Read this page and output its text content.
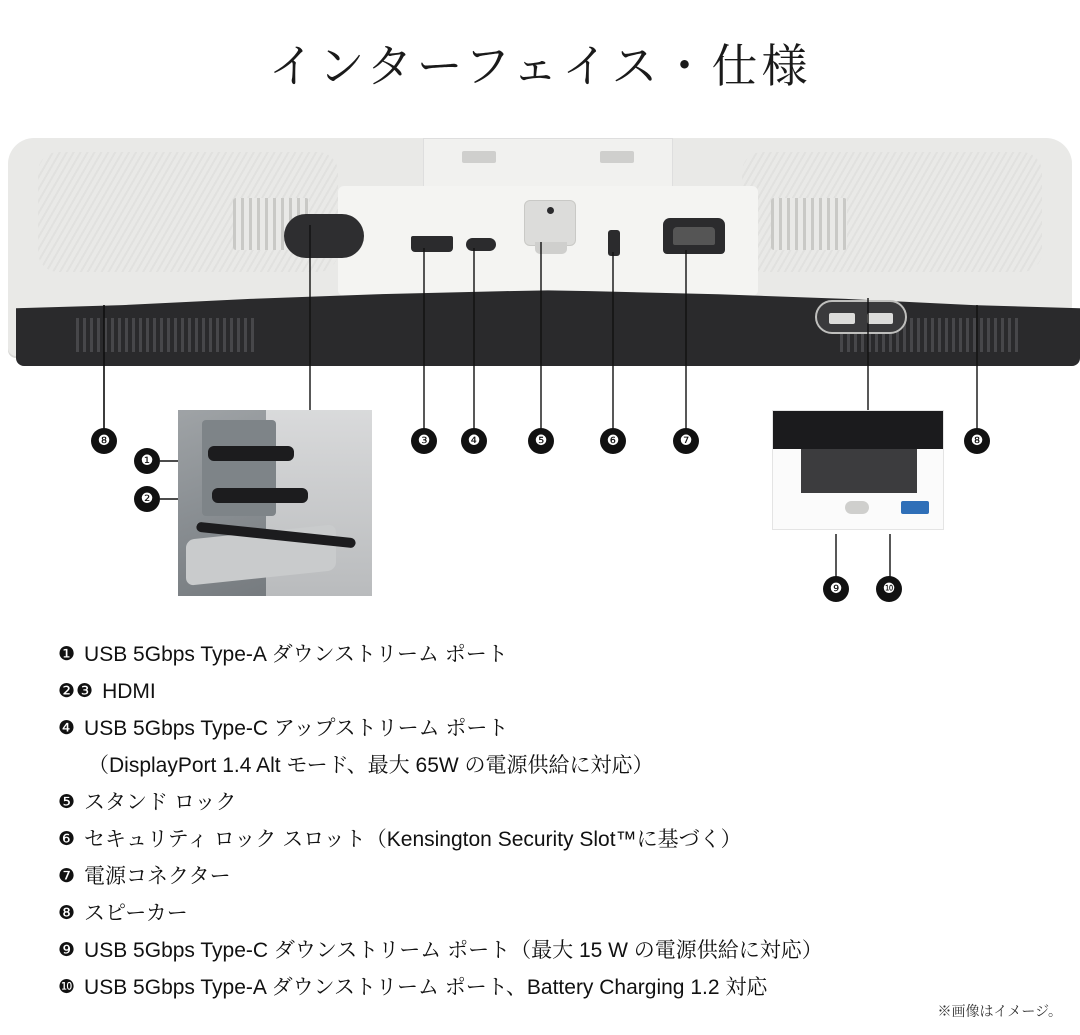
インターフェイス・仕様
❽
❶
❷
❸	❹	❺	❻	❼	❽
❾	❿
❶ USB 5Gbps Type-A ダウンストリーム ポート
❷❸ HDMI
❹ USB 5Gbps Type-C アップストリーム ポート
（DisplayPort 1.4 Alt モード、最大 65W の電源供給に対応）
❺ スタンド ロック
❻ セキュリティ ロック スロット（Kensington Security Slot™に基づく）
❼ 電源コネクター
❽ スピーカー
❾ USB 5Gbps Type-C ダウンストリーム ポート（最大 15 W の電源供給に対応）
❿ USB 5Gbps Type-A ダウンストリーム ポート、Battery Charging 1.2 対応
※画像はイメージ。
